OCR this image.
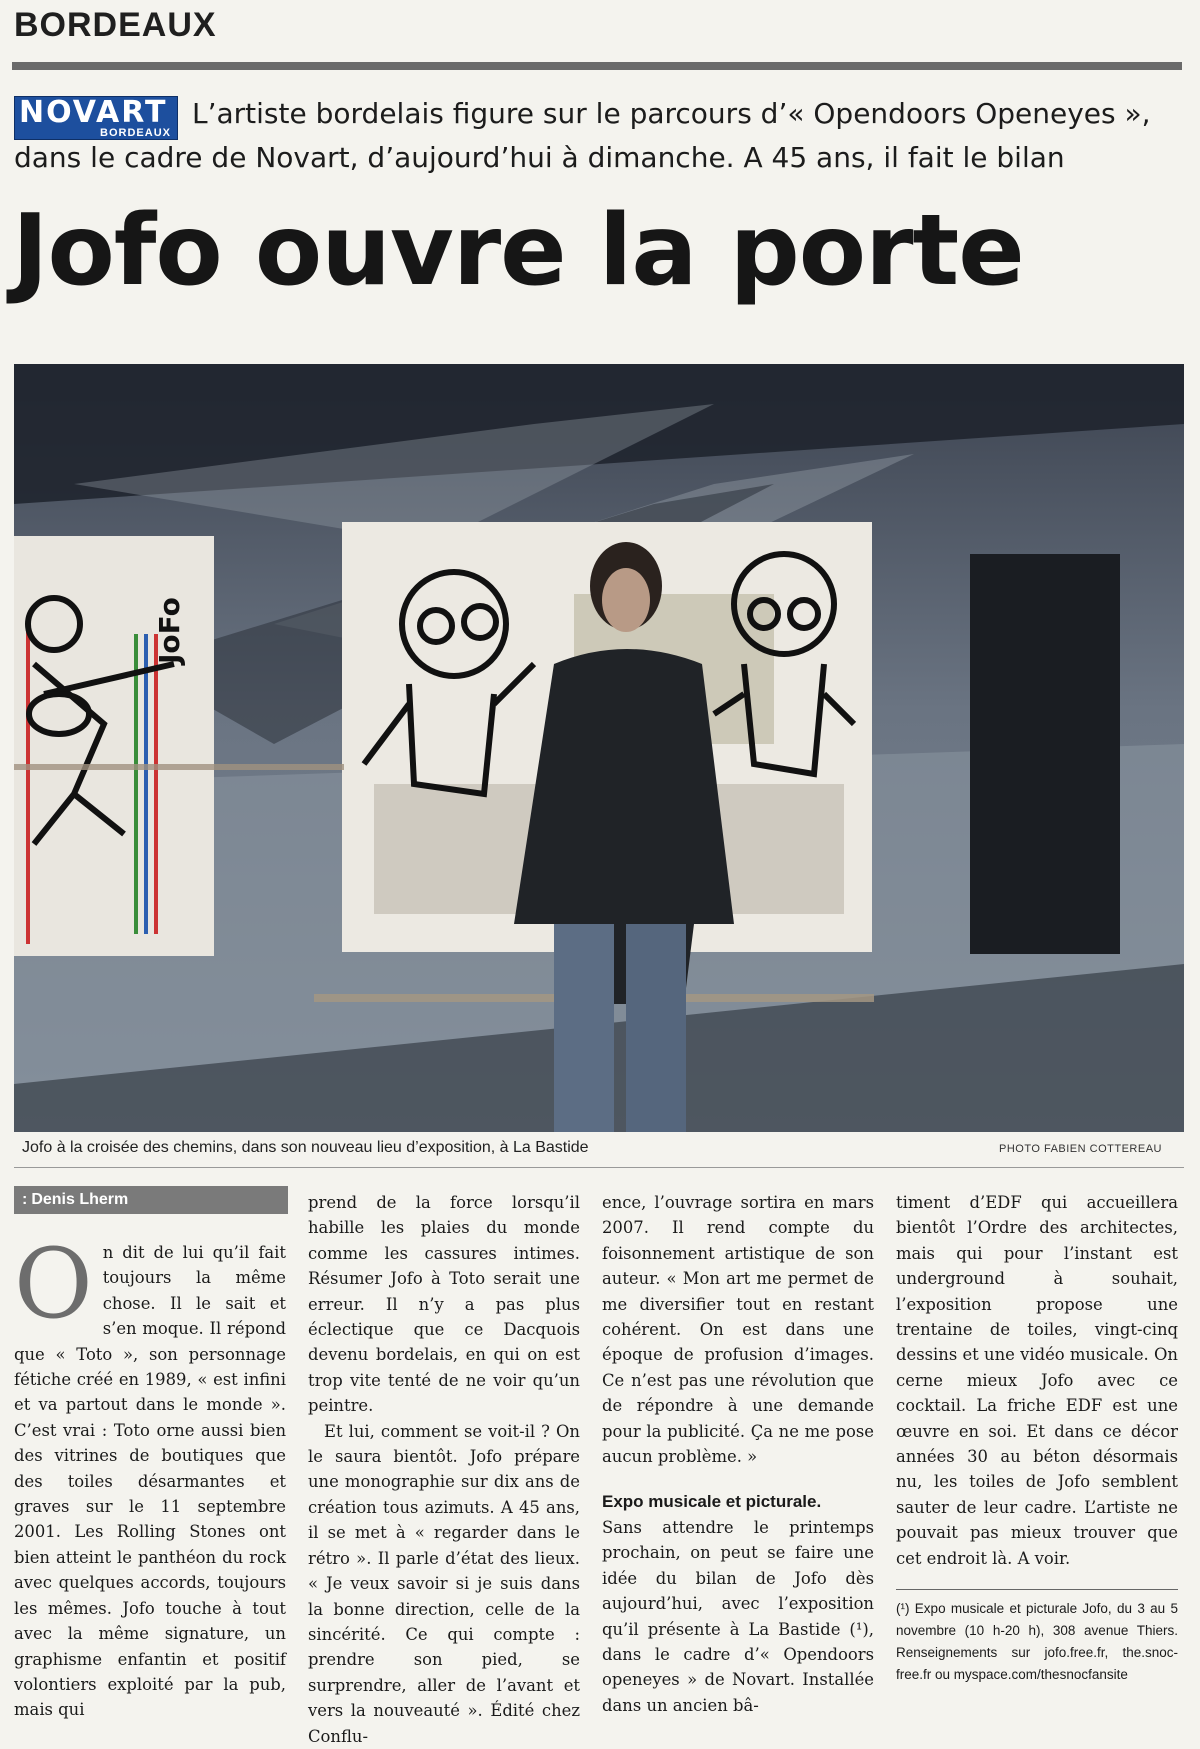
BORDEAUX
NOVART
BORDEAUX
L’artiste bordelais figure sur le parcours d’« Opendoors Openeyes »,
dans le cadre de Novart, d’aujourd’hui à dimanche. A 45 ans, il fait le bilan
Jofo ouvre la porte
JoFo
Jofo à la croisée des chemins, dans son nouveau lieu d’exposition, à La Bastide	PHOTO FABIEN COTTEREAU
: Denis Lherm
O n dit de lui qu’il fait toujours la même chose. Il le sait et s’en moque. Il répond que « Toto », son personnage fétiche créé en 1989, « est infini et va partout dans le monde ». C’est vrai : Toto orne aussi bien des vitrines de boutiques que des toiles désarmantes et graves sur le 11 septembre 2001. Les Rolling Stones ont bien atteint le panthéon du rock avec quelques accords, toujours les mêmes. Jofo touche à tout avec la même signature, un graphisme enfantin et positif volontiers exploité par la pub, mais qui

prend de la force lorsqu’il habille les plaies du monde comme les cassures intimes. Résumer Jofo à Toto serait une erreur. Il n’y a pas plus éclectique que ce Dacquois devenu bordelais, en qui on est trop vite tenté de ne voir qu’un peintre.

Et lui, comment se voit-il ? On le saura bientôt. Jofo prépare une monographie sur dix ans de création tous azimuts. A 45 ans, il se met à « regarder dans le rétro ». Il parle d’état des lieux. « Je veux savoir si je suis dans la bonne direction, celle de la sincérité. Ce qui compte : prendre son pied, se surprendre, aller de l’avant et vers la nouveauté ». Édité chez Conflu-

ence, l’ouvrage sortira en mars 2007. Il rend compte du foisonnement artistique de son auteur. « Mon art me permet de me diversifier tout en restant cohérent. On est dans une époque de profusion d’images. Ce n’est pas une révolution que de répondre à une demande pour la publicité. Ça ne me pose aucun problème. »

Expo musicale et picturale.

Sans attendre le printemps prochain, on peut se faire une idée du bilan de Jofo dès aujourd’hui, avec l’exposition qu’il présente à La Bastide (¹), dans le cadre d’« Opendoors openeyes » de Novart. Installée dans un ancien bâ-

timent d’EDF qui accueillera bientôt l’Ordre des architectes, mais qui pour l’instant est underground à souhait, l’exposition propose une trentaine de toiles, vingt-cinq dessins et une vidéo musicale. On cerne mieux Jofo avec ce cocktail. La friche EDF est une œuvre en soi. Et dans ce décor années 30 au béton désormais nu, les toiles de Jofo semblent sauter de leur cadre. L’artiste ne pouvait pas mieux trouver que cet endroit là. A voir.

(¹) Expo musicale et picturale Jofo, du 3 au 5 novembre (10 h-20 h), 308 avenue Thiers. Renseignements sur jofo.free.fr, the.snoc-free.fr ou myspace.com/thesnocfansite
